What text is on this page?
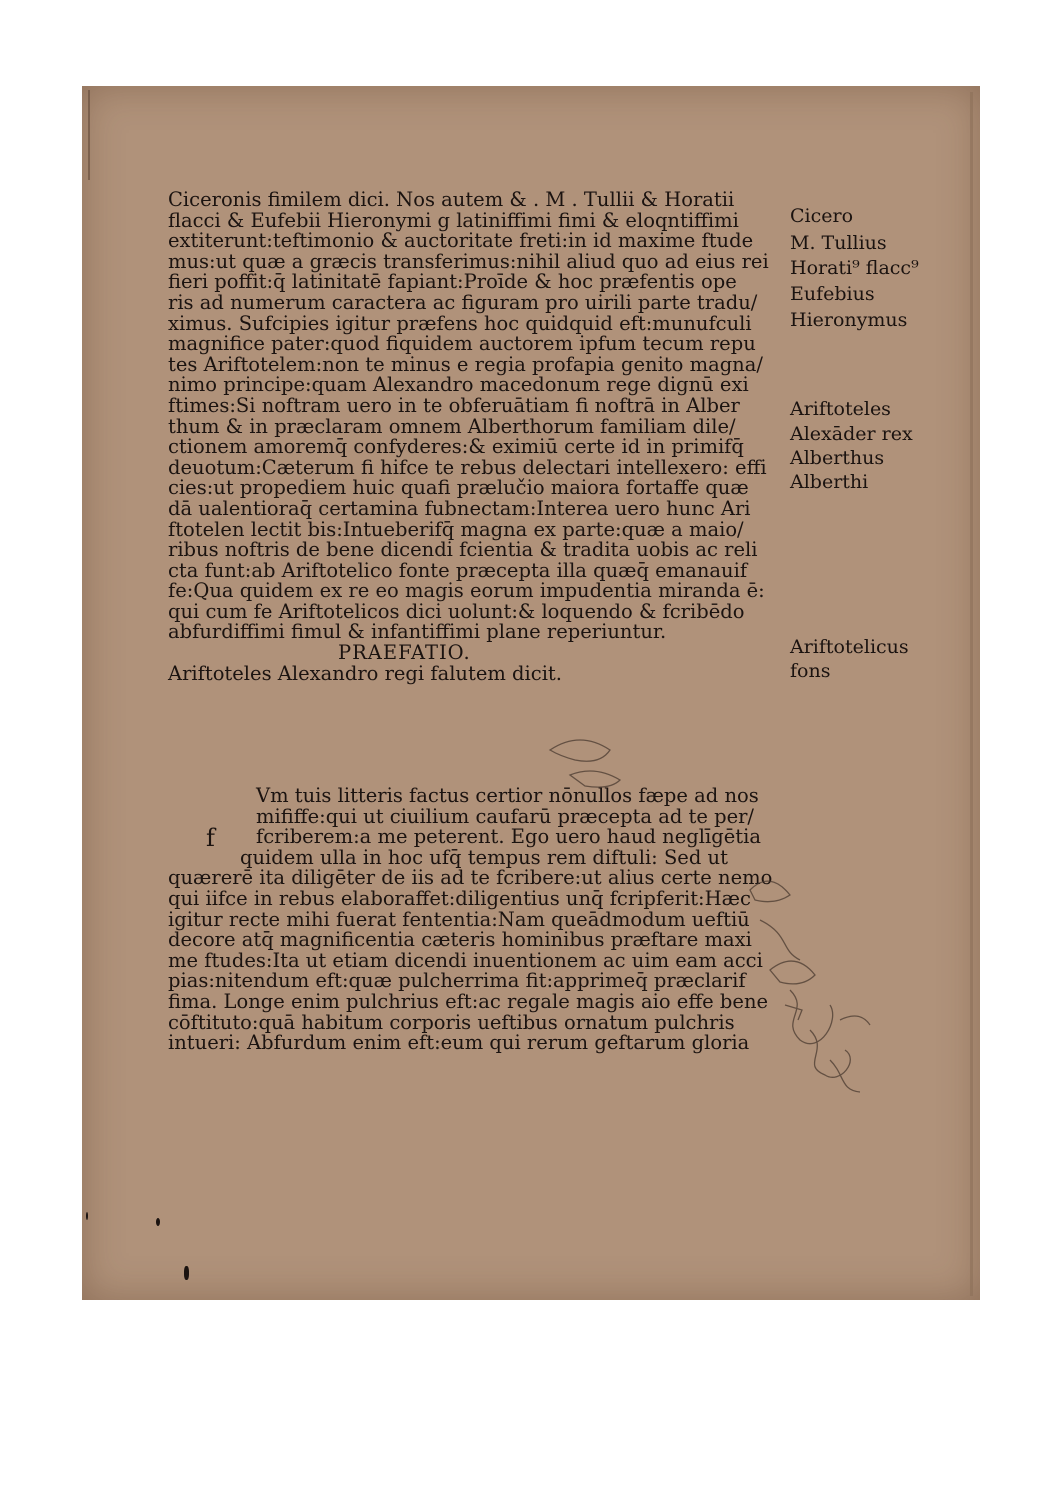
Ciceronis fimilem dici. Nos autem & . M . Tullii & Horatii
flacci & Eufebii Hieronymi g latiniffimi fimi & eloqntiffimi
extiterunt:teftimonio & auctoritate freti:in id maxime ftude
mus:ut quæ a græcis transferimus:nihil aliud quo ad eius rei
fieri poffit:q̄ latinitatē fapiant:Proīde & hoc præfentis ope
ris ad numerum caractera ac figuram pro uirili parte tradu/
ximus. Sufcipies igitur præfens hoc quidquid eft:munufculi
magnifice pater:quod fiquidem auctorem ipfum tecum repu
tes Ariftotelem:non te minus e regia profapia genito magna/
nimo principe:quam Alexandro macedonum rege dignū exi
ftimes:Si noftram uero in te obferuātiam fi noftrā in Alber
thum & in præclaram omnem Alberthorum familiam dile/
ctionem amoremq̄ confyderes:& eximiū certe id in primifq̄
deuotum:Cæterum fi hifce te rebus delectari intellexero: effi
cies:ut propediem huic quafi prælučio maiora fortaffe quæ
dā ualentioraq̄ certamina fubnectam:Interea uero hunc Ari
ftotelen lectit bis:Intueberifq̄ magna ex parte:quæ a maio/
ribus noftris de bene dicendi fcientia & tradita uobis ac reli
cta funt:ab Ariftotelico fonte præcepta illa quæq̄ emanauif
fe:Qua quidem ex re eo magis eorum impudentia miranda ē:
qui cum fe Ariftotelicos dici uolunt:& loquendo & fcribēdo
abfurdiffimi fimul & infantiffimi plane reperiuntur.
PRAEFATIO.
Ariftoteles Alexandro regi falutem dicit.
f
Vm tuis litteris factus certior nōnullos fæpe ad nos
mififfe:qui ut ciuilium caufarū præcepta ad te per/
fcriberem:a me peterent. Ego uero haud neglīgētia
quidem ulla in hoc ufq̄ tempus rem diftuli: Sed ut
quærerē ita diligēter de iis ad te fcribere:ut alius certe nemo
qui iifce in rebus elaboraffet:diligentius unq̄ fcripferit:Hæc
igitur recte mihi fuerat fententia:Nam queādmodum ueftiū
decore atq̄ magnificentia cæteris hominibus præftare maxi
me ftudes:Ita ut etiam dicendi inuentionem ac uim eam acci
pias:nitendum eft:quæ pulcherrima fit:apprimeq̄ præclarif
fima. Longe enim pulchrius eft:ac regale magis aio effe bene
cōftituto:quā habitum corporis ueftibus ornatum pulchris
intueri: Abfurdum enim eft:eum qui rerum geftarum gloria
Cicero
M. Tullius
Horati⁹ flacc⁹
Eufebius
Hieronymus
Ariftoteles
Alexāder rex
Alberthus
Alberthi
Ariftotelicus
fons
